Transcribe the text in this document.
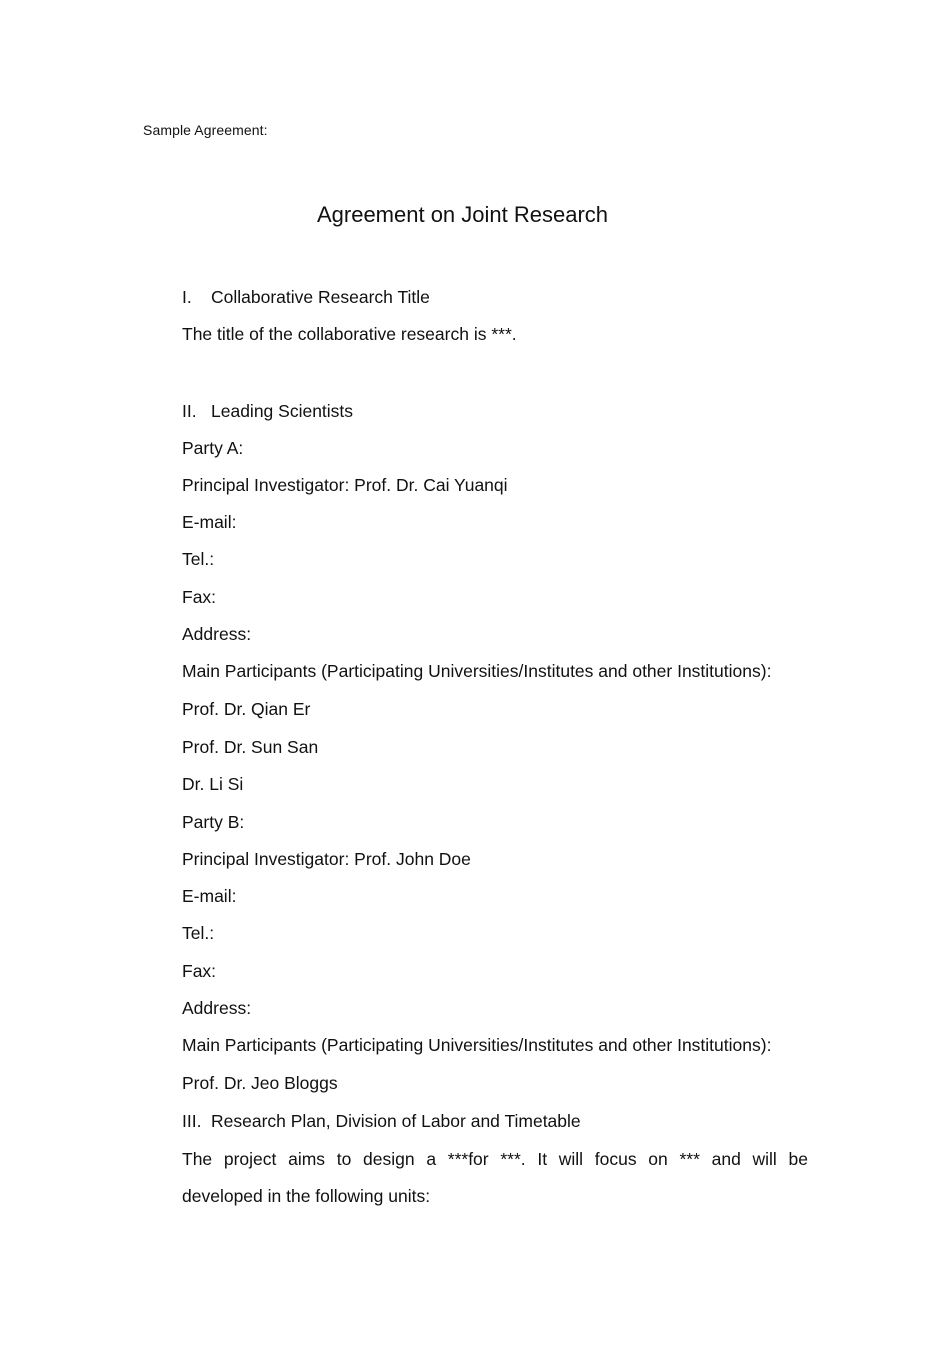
Sample Agreement:
Agreement on Joint Research
I. Collaborative Research Title
The title of the collaborative research is ***.
II. Leading Scientists
Party A:
Principal Investigator: Prof. Dr. Cai Yuanqi
E-mail:
Tel.:
Fax:
Address:
Main Participants (Participating Universities/Institutes and other Institutions):
Prof. Dr. Qian Er
Prof. Dr. Sun San
Dr. Li Si
Party B:
Principal Investigator: Prof. John Doe
E-mail:
Tel.:
Fax:
Address:
Main Participants (Participating Universities/Institutes and other Institutions):
Prof. Dr. Jeo Bloggs
III. Research Plan, Division of Labor and Timetable
The project aims to design a ***for ***. It will focus on *** and will be
developed in the following units:
